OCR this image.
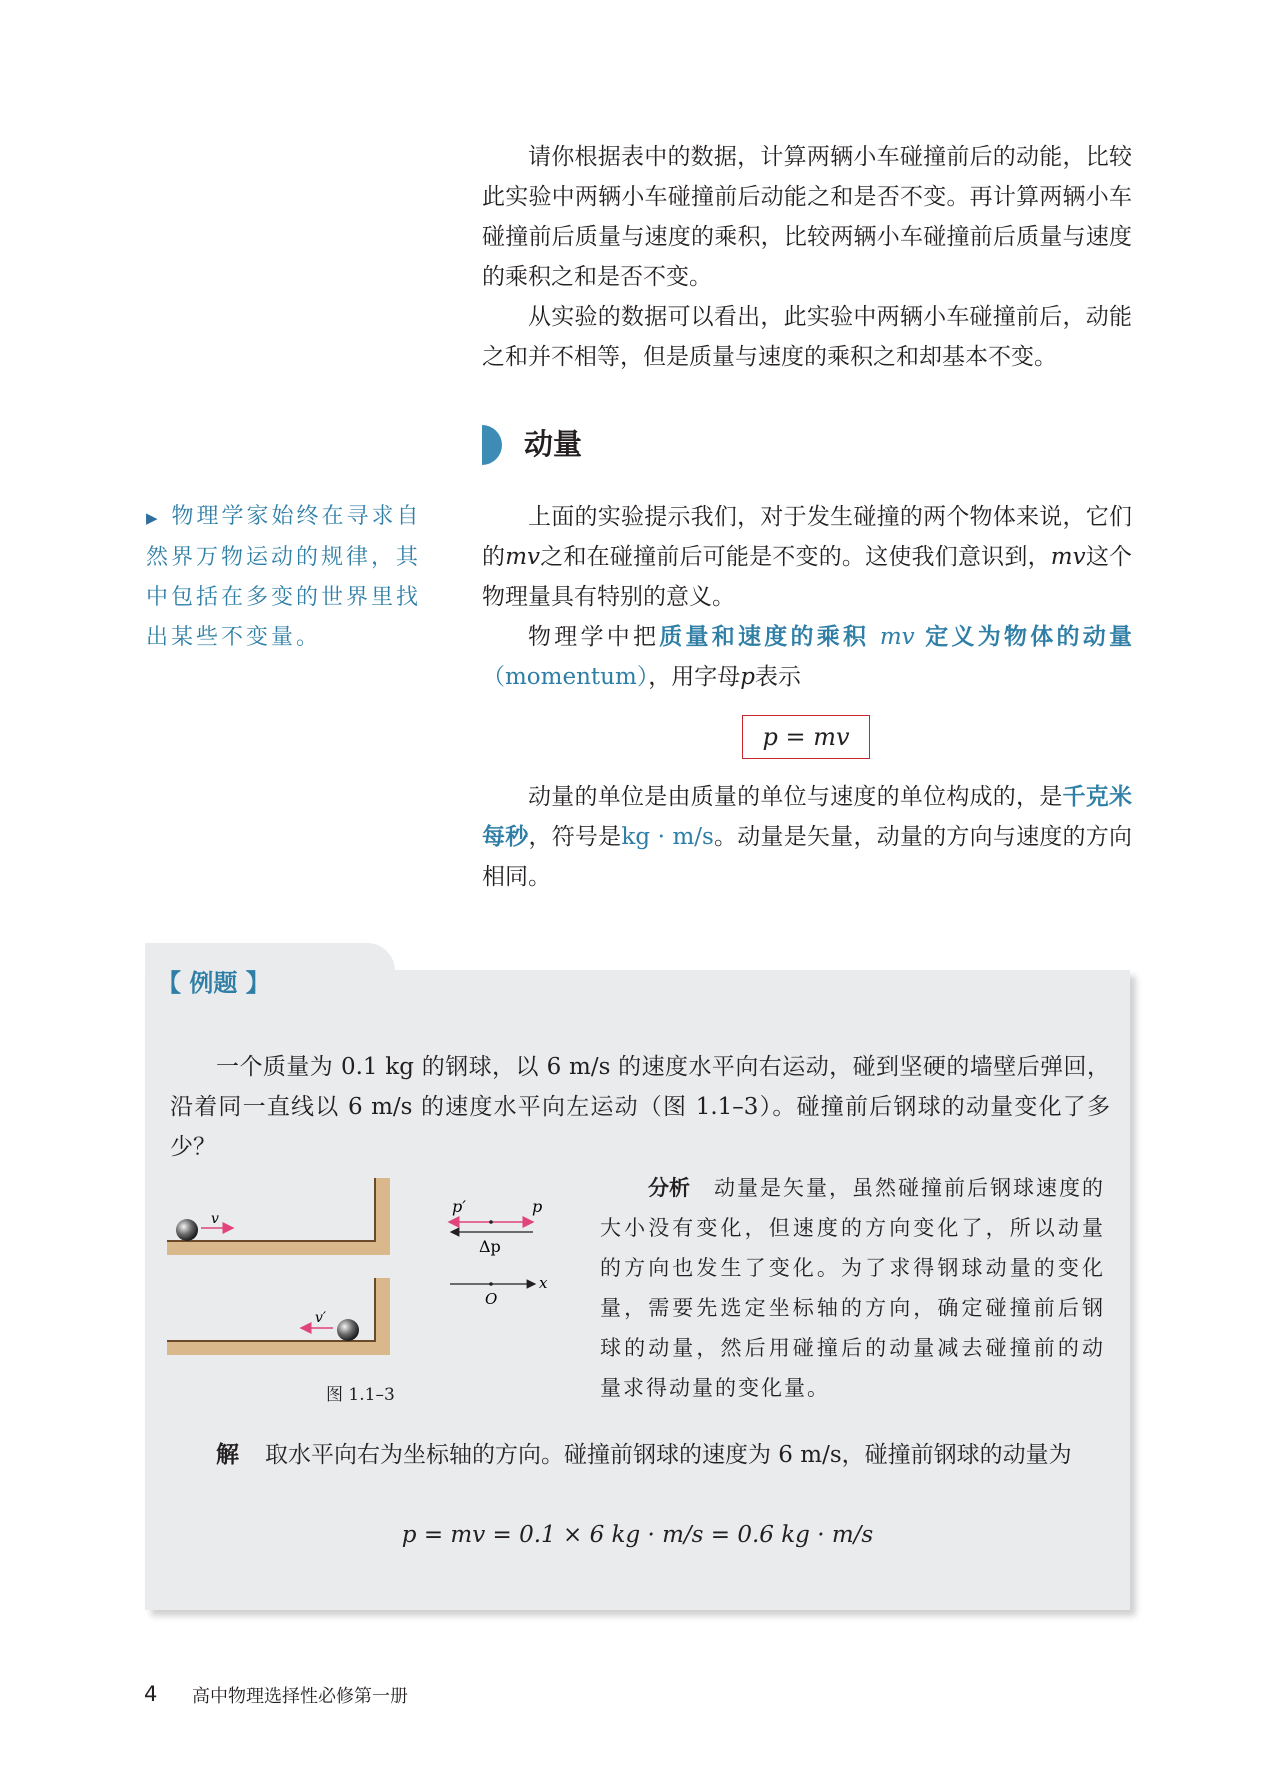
请你根据表中的数据，计算两辆小车碰撞前后的动能，比较此实验中两辆小车碰撞前后动能之和是否不变。再计算两辆小车碰撞前后质量与速度的乘积，比较两辆小车碰撞前后质量与速度的乘积之和是否不变。

从实验的数据可以看出，此实验中两辆小车碰撞前后，动能之和并不相等，但是质量与速度的乘积之和却基本不变。

动量

▶ 物理学家始终在寻求自然界万物运动的规律，其中包括在多变的世界里找出某些不变量。

上面的实验提示我们，对于发生碰撞的两个物体来说，它们的mv之和在碰撞前后可能是不变的。这使我们意识到，mv这个物理量具有特别的意义。

物理学中把质量和速度的乘积 mv 定义为物体的动量（momentum），用字母p表示

p = mv

动量的单位是由质量的单位与速度的单位构成的，是千克米每秒，符号是kg · m/s。动量是矢量，动量的方向与速度的方向相同。

【 例题 】

一个质量为 0.1 kg 的钢球，以 6 m/s 的速度水平向右运动，碰到坚硬的墙壁后弹回，沿着同一直线以 6 m/s 的速度水平向左运动（图 1.1–3）。碰撞前后钢球的动量变化了多少？

v
v′
p′	p
Δp
O
x
图 1.1–3

分析 动量是矢量，虽然碰撞前后钢球速度的大小没有变化，但速度的方向变化了，所以动量的方向也发生了变化。为了求得钢球动量的变化量，需要先选定坐标轴的方向，确定碰撞前后钢球的动量，然后用碰撞后的动量减去碰撞前的动量求得动量的变化量。

解 取水平向右为坐标轴的方向。碰撞前钢球的速度为 6 m/s，碰撞前钢球的动量为

p = mv = 0.1 × 6 kg · m/s = 0.6 kg · m/s

4 高中物理选择性必修第一册
